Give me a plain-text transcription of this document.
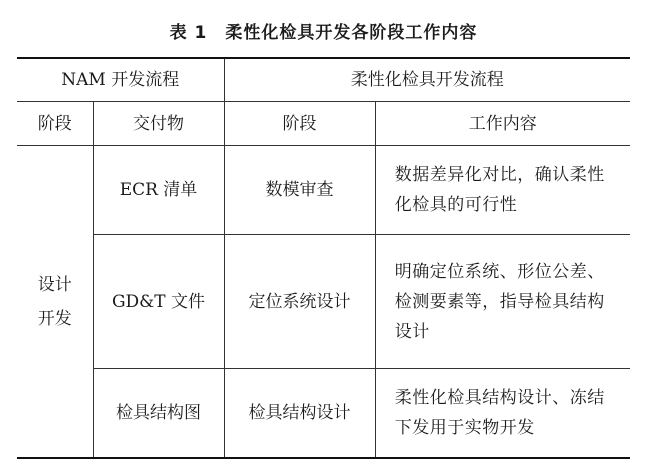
表 1 柔性化检具开发各阶段工作内容
NAM 开发流程		柔性化检具开发流程	
阶段	交付物	阶段	工作内容
设计开发	ECR 清单	数模审查	数据差异化对比，确认柔性化检具的可行性
	GD&T 文件	定位系统设计	明确定位系统、形位公差、检测要素等，指导检具结构设计
	检具结构图	检具结构设计	柔性化检具结构设计、冻结下发用于实物开发
